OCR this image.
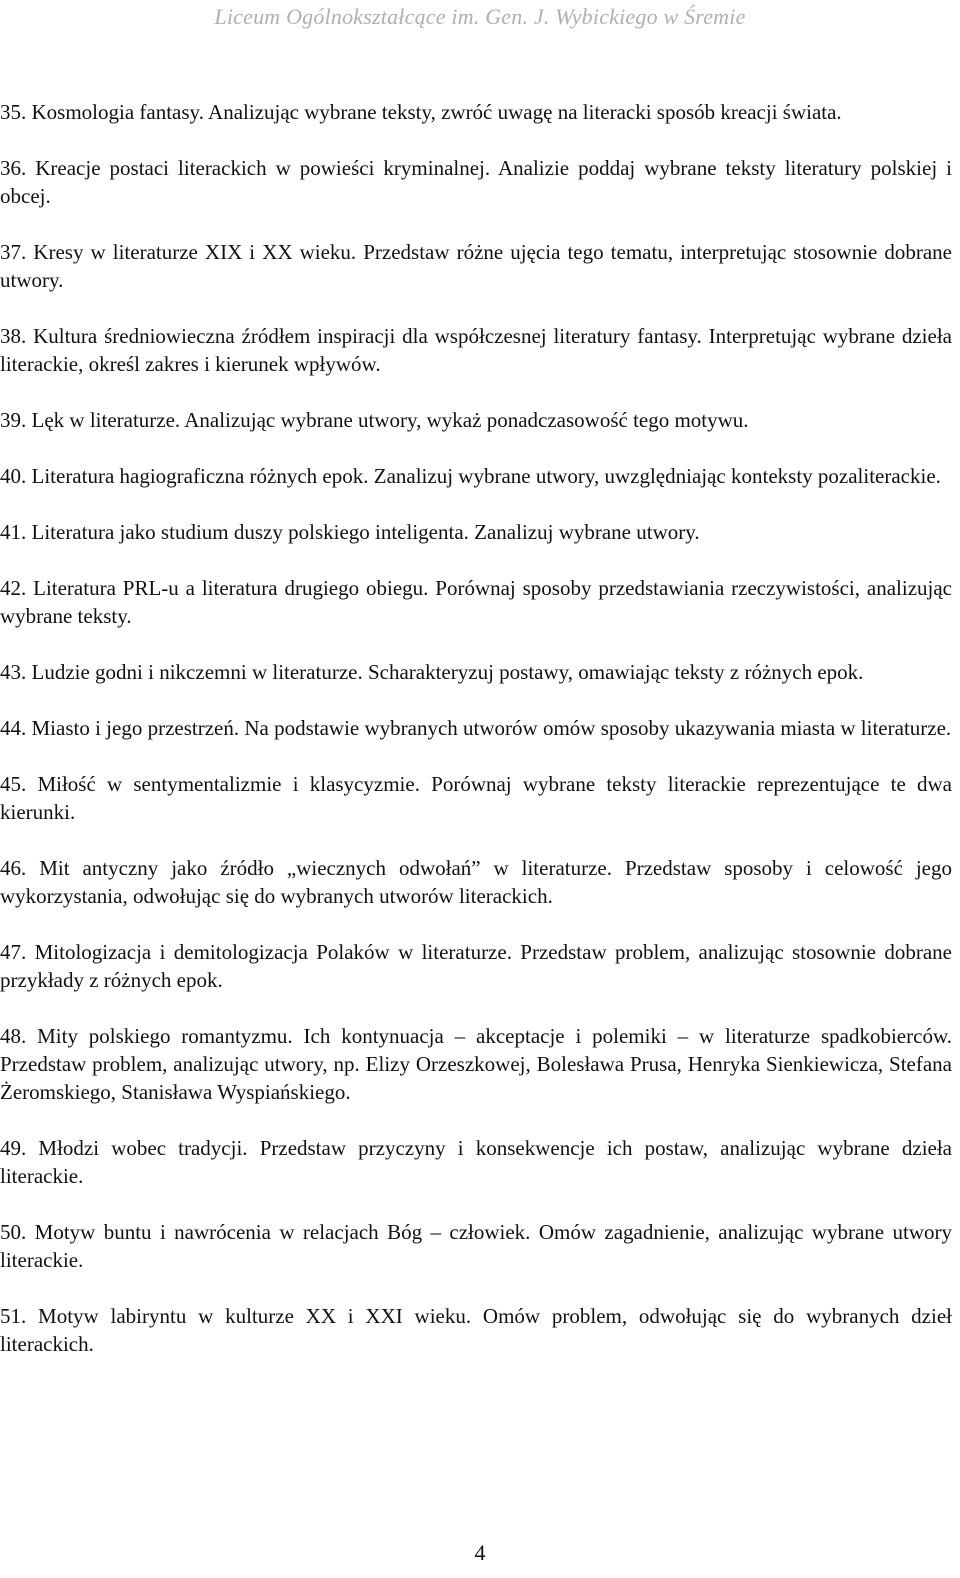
Liceum Ogólnokształcące im. Gen. J. Wybickiego w Śremie
35. Kosmologia fantasy. Analizując wybrane teksty, zwróć uwagę na literacki sposób kreacji świata.
36. Kreacje postaci literackich w powieści kryminalnej. Analizie poddaj wybrane teksty literatury polskiej i obcej.
37. Kresy w literaturze XIX i XX wieku. Przedstaw różne ujęcia tego tematu, interpretując stosownie dobrane utwory.
38. Kultura średniowieczna źródłem inspiracji dla współczesnej literatury fantasy. Interpretując wybrane dzieła literackie, określ zakres i kierunek wpływów.
39. Lęk w literaturze. Analizując wybrane utwory, wykaż ponadczasowość tego motywu.
40. Literatura hagiograficzna różnych epok. Zanalizuj wybrane utwory, uwzględniając konteksty pozaliterackie.
41. Literatura jako studium duszy polskiego inteligenta. Zanalizuj wybrane utwory.
42. Literatura PRL-u a literatura drugiego obiegu. Porównaj sposoby przedstawiania rzeczywistości, analizując wybrane teksty.
43. Ludzie godni i nikczemni w literaturze. Scharakteryzuj postawy, omawiając teksty z różnych epok.
44. Miasto i jego przestrzeń. Na podstawie wybranych utworów omów sposoby ukazywania miasta w literaturze.
45. Miłość w sentymentalizmie i klasycyzmie. Porównaj wybrane teksty literackie reprezentujące te dwa kierunki.
46. Mit antyczny jako źródło „wiecznych odwołań” w literaturze. Przedstaw sposoby i celowość jego wykorzystania, odwołując się do wybranych utworów literackich.
47. Mitologizacja i demitologizacja Polaków w literaturze. Przedstaw problem, analizując stosownie dobrane przykłady z różnych epok.
48. Mity polskiego romantyzmu. Ich kontynuacja – akceptacje i polemiki – w literaturze spadkobierców. Przedstaw problem, analizując utwory, np. Elizy Orzeszkowej, Bolesława Prusa, Henryka Sienkiewicza, Stefana Żeromskiego, Stanisława Wyspiańskiego.
49. Młodzi wobec tradycji. Przedstaw przyczyny i konsekwencje ich postaw, analizując wybrane dzieła literackie.
50. Motyw buntu i nawrócenia w relacjach Bóg – człowiek. Omów zagadnienie, analizując wybrane utwory literackie.
51. Motyw labiryntu w kulturze XX i XXI wieku. Omów problem, odwołując się do wybranych dzieł literackich.
4
